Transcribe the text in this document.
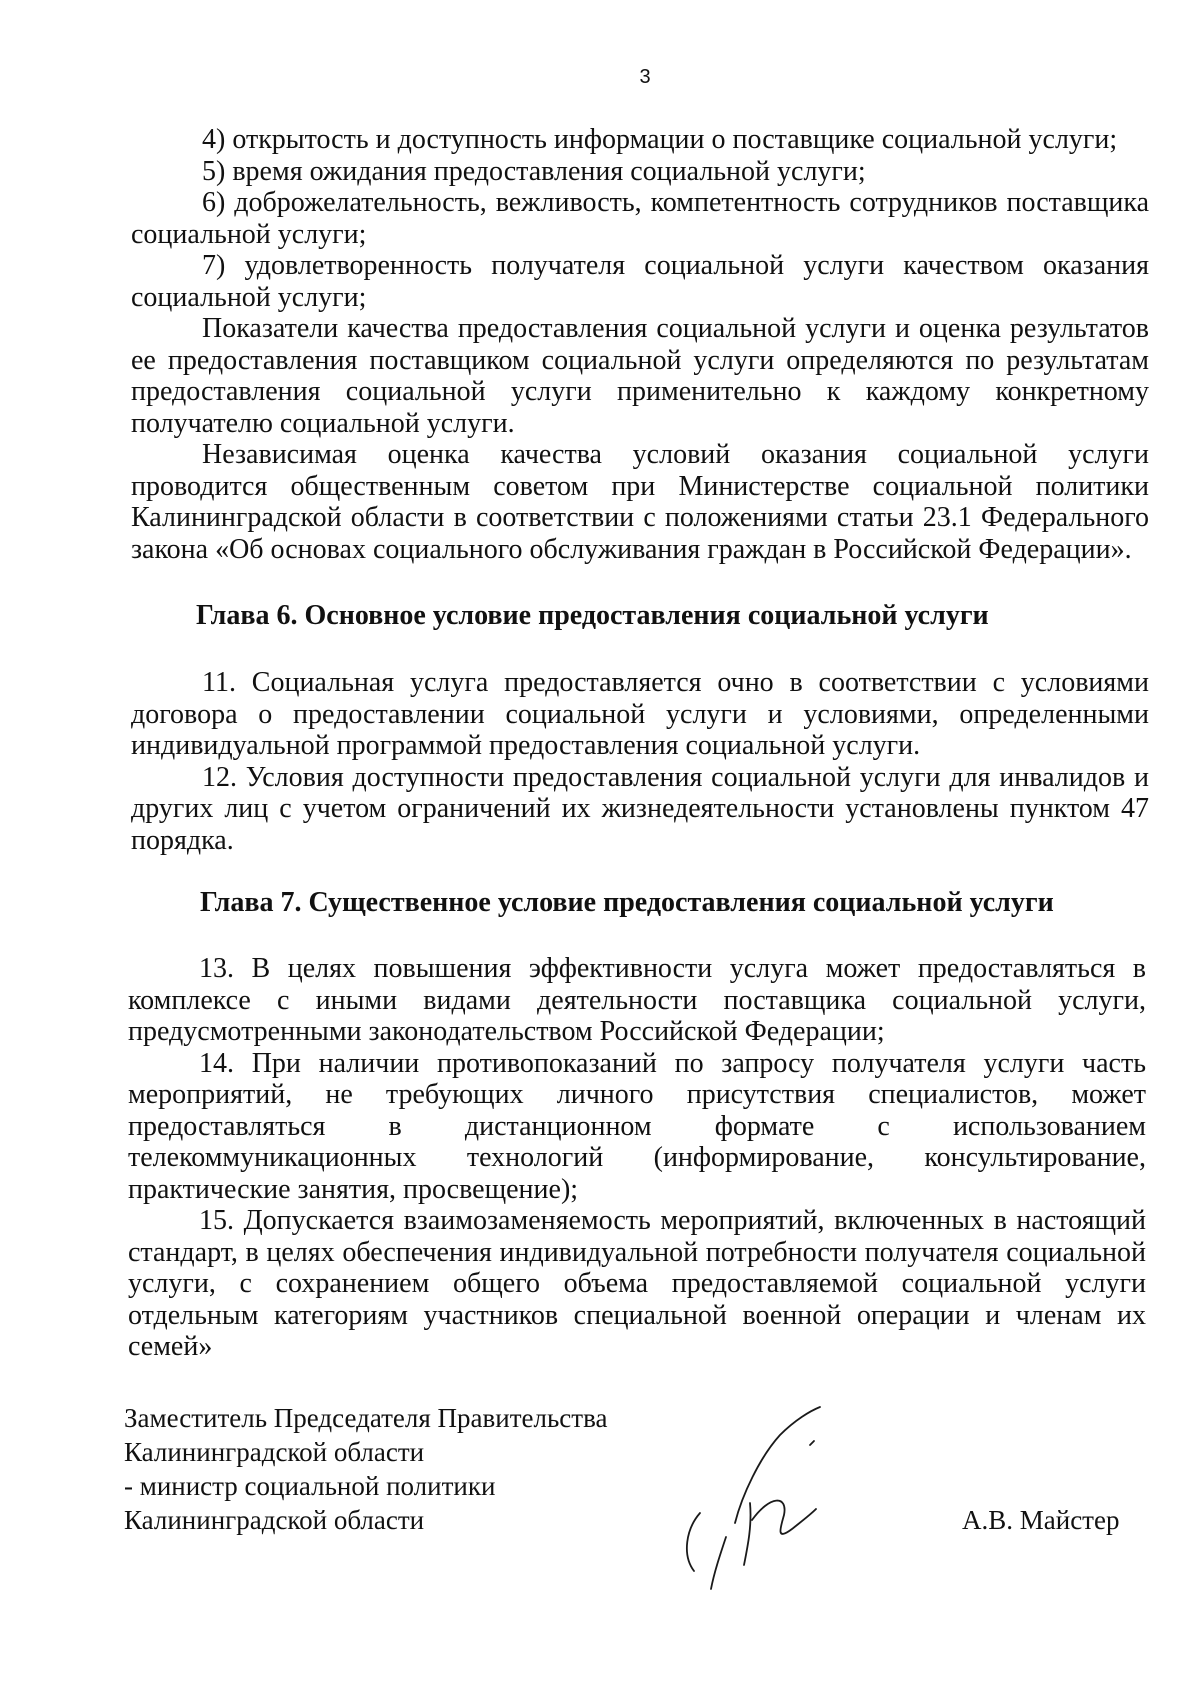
3

4) открытость и доступность информации о поставщике социальной услуги;

5) время ожидания предоставления социальной услуги;

6) доброжелательность, вежливость, компетентность сотрудников поставщика социальной услуги;

7) удовлетворенность получателя социальной услуги качеством оказания социальной услуги;

Показатели качества предоставления социальной услуги и оценка результатов ее предоставления поставщиком социальной услуги определяются по результатам предоставления социальной услуги применительно к каждому конкретному получателю социальной услуги.

Независимая оценка качества условий оказания социальной услуги проводится общественным советом при Министерстве социальной политики Калининградской области в соответствии с положениями статьи 23.1 Федерального закона «Об основах социального обслуживания граждан в Российской Федерации».

Глава 6. Основное условие предоставления социальной услуги

11. Социальная услуга предоставляется очно в соответствии с условиями договора о предоставлении социальной услуги и условиями, определенными индивидуальной программой предоставления социальной услуги.

12. Условия доступности предоставления социальной услуги для инвалидов и других лиц с учетом ограничений их жизнедеятельности установлены пунктом 47 порядка.

Глава 7. Существенное условие предоставления социальной услуги

13. В целях повышения эффективности услуга может предоставляться в комплексе с иными видами деятельности поставщика социальной услуги, предусмотренными законодательством Российской Федерации;

14. При наличии противопоказаний по запросу получателя услуги часть мероприятий, не требующих личного присутствия специалистов, может предоставляться в дистанционном формате с использованием телекоммуникационных технологий (информирование, консультирование, практические занятия, просвещение);

15. Допускается взаимозаменяемость мероприятий, включенных в настоящий стандарт, в целях обеспечения индивидуальной потребности получателя социальной услуги, с сохранением общего объема предоставляемой социальной услуги отдельным категориям участников специальной военной операции и членам их семей»

Заместитель Председателя Правительства
Калининградской области
- министр социальной политики
Калининградской области	А.В. Майстер
